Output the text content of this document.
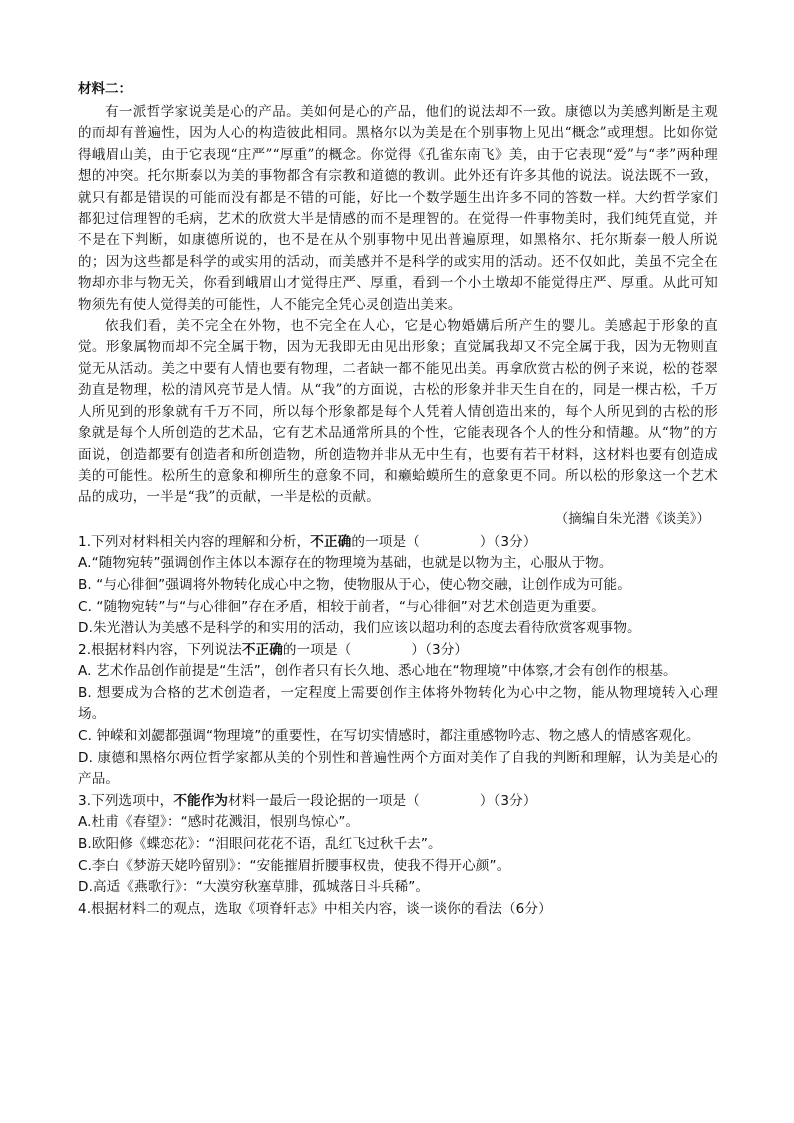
材料二：

有一派哲学家说美是心的产品。美如何是心的产品，他们的说法却不一致。康德以为美感判断是主观的而却有普遍性，因为人心的构造彼此相同。黑格尔以为美是在个别事物上见出“概念”或理想。比如你觉得峨眉山美，由于它表现“庄严”“厚重”的概念。你觉得《孔雀东南飞》美，由于它表现“爱”与“孝”两种理想的冲突。托尔斯泰以为美的事物都含有宗教和道德的教训。此外还有许多其他的说法。说法既不一致，就只有都是错误的可能而没有都是不错的可能，好比一个数学题生出许多不同的答数一样。大约哲学家们都犯过信理智的毛病，艺术的欣赏大半是情感的而不是理智的。在觉得一件事物美时，我们纯凭直觉，并不是在下判断，如康德所说的，也不是在从个别事物中见出普遍原理，如黑格尔、托尔斯泰一般人所说的；因为这些都是科学的或实用的活动，而美感并不是科学的或实用的活动。还不仅如此，美虽不完全在物却亦非与物无关，你看到峨眉山才觉得庄严、厚重，看到一个小土墩却不能觉得庄严、厚重。从此可知物须先有使人觉得美的可能性，人不能完全凭心灵创造出美来。

依我们看，美不完全在外物，也不完全在人心，它是心物婚媾后所产生的婴儿。美感起于形象的直觉。形象属物而却不完全属于物，因为无我即无由见出形象；直觉属我却又不完全属于我，因为无物则直觉无从活动。美之中要有人情也要有物理，二者缺一都不能见出美。再拿欣赏古松的例子来说，松的苍翠劲直是物理，松的清风亮节是人情。从“我”的方面说，古松的形象并非天生自在的，同是一棵古松，千万人所见到的形象就有千万不同，所以每个形象都是每个人凭着人情创造出来的，每个人所见到的古松的形象就是每个人所创造的艺术品，它有艺术品通常所具的个性，它能表现各个人的性分和情趣。从“物”的方面说，创造都要有创造者和所创造物，所创造物并非从无中生有，也要有若干材料，这材料也要有创造成美的可能性。松所生的意象和柳所生的意象不同，和癞蛤蟆所生的意象更不同。所以松的形象这一个艺术品的成功，一半是“我”的贡献，一半是松的贡献。

（摘编自朱光潜《谈美》）

1.下列对材料相关内容的理解和分析，不正确的一项是（	）（3分）

A.“随物宛转”强调创作主体以本源存在的物理境为基础，也就是以物为主，心服从于物。

B. “与心徘徊”强调将外物转化成心中之物，使物服从于心，使心物交融，让创作成为可能。

C. “随物宛转”与“与心徘徊”存在矛盾，相较于前者，“与心徘徊”对艺术创造更为重要。

D.朱光潜认为美感不是科学的和实用的活动，我们应该以超功利的态度去看待欣赏客观事物。

2.根据材料内容，下列说法不正确的一项是（	）（3分）

A. 艺术作品创作前提是“生活”，创作者只有长久地、悉心地在“物理境”中体察,才会有创作的根基。

B. 想要成为合格的艺术创造者，一定程度上需要创作主体将外物转化为心中之物，能从物理境转入心理场。

C. 钟嵘和刘勰都强调“物理境”的重要性，在写切实情感时，都注重感物吟志、物之感人的情感客观化。

D. 康德和黑格尔两位哲学家都从美的个别性和普遍性两个方面对美作了自我的判断和理解，认为美是心的产品。

3.下列选项中，不能作为材料一最后一段论据的一项是（	）（3分）

A.杜甫《春望》：“感时花溅泪，恨别鸟惊心”。

B.欧阳修《蝶恋花》：“泪眼问花花不语，乱红飞过秋千去”。

C.李白《梦游天姥吟留别》：“安能摧眉折腰事权贵，使我不得开心颜”。

D.高适《燕歌行》：“大漠穷秋塞草腓，孤城落日斗兵稀”。

4.根据材料二的观点，选取《项脊轩志》中相关内容，谈一谈你的看法（6分）
